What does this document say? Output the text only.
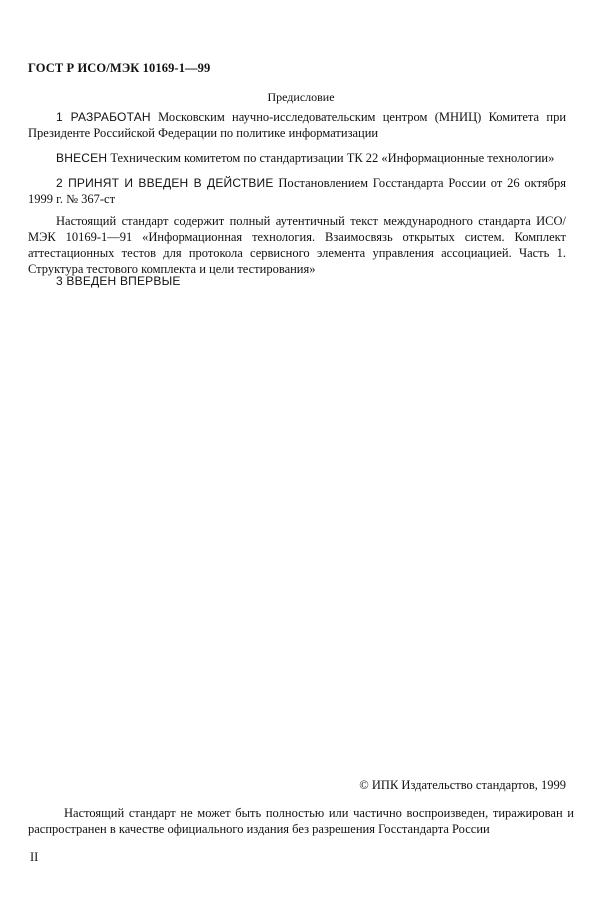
ГОСТ Р ИСО/МЭК 10169-1—99
Предисловие
1 РАЗРАБОТАН Московским научно-исследовательским центром (МНИЦ) Комитета при Президенте Российской Федерации по политике информатизации
ВНЕСЕН Техническим комитетом по стандартизации ТК 22 «Информационные технологии»
2 ПРИНЯТ И ВВЕДЕН В ДЕЙСТВИЕ Постановлением Госстандарта России от 26 октября 1999 г. № 367-ст
Настоящий стандарт содержит полный аутентичный текст международного стандарта ИСО/МЭК 10169-1—91 «Информационная технология. Взаимосвязь открытых систем. Комплект аттестационных тестов для протокола сервисного элемента управления ассоциацией. Часть 1. Структура тестового комплекта и цели тестирования»
3 ВВЕДЕН ВПЕРВЫЕ
© ИПК Издательство стандартов, 1999
Настоящий стандарт не может быть полностью или частично воспроизведен, тиражирован и распространен в качестве официального издания без разрешения Госстандарта России
II
